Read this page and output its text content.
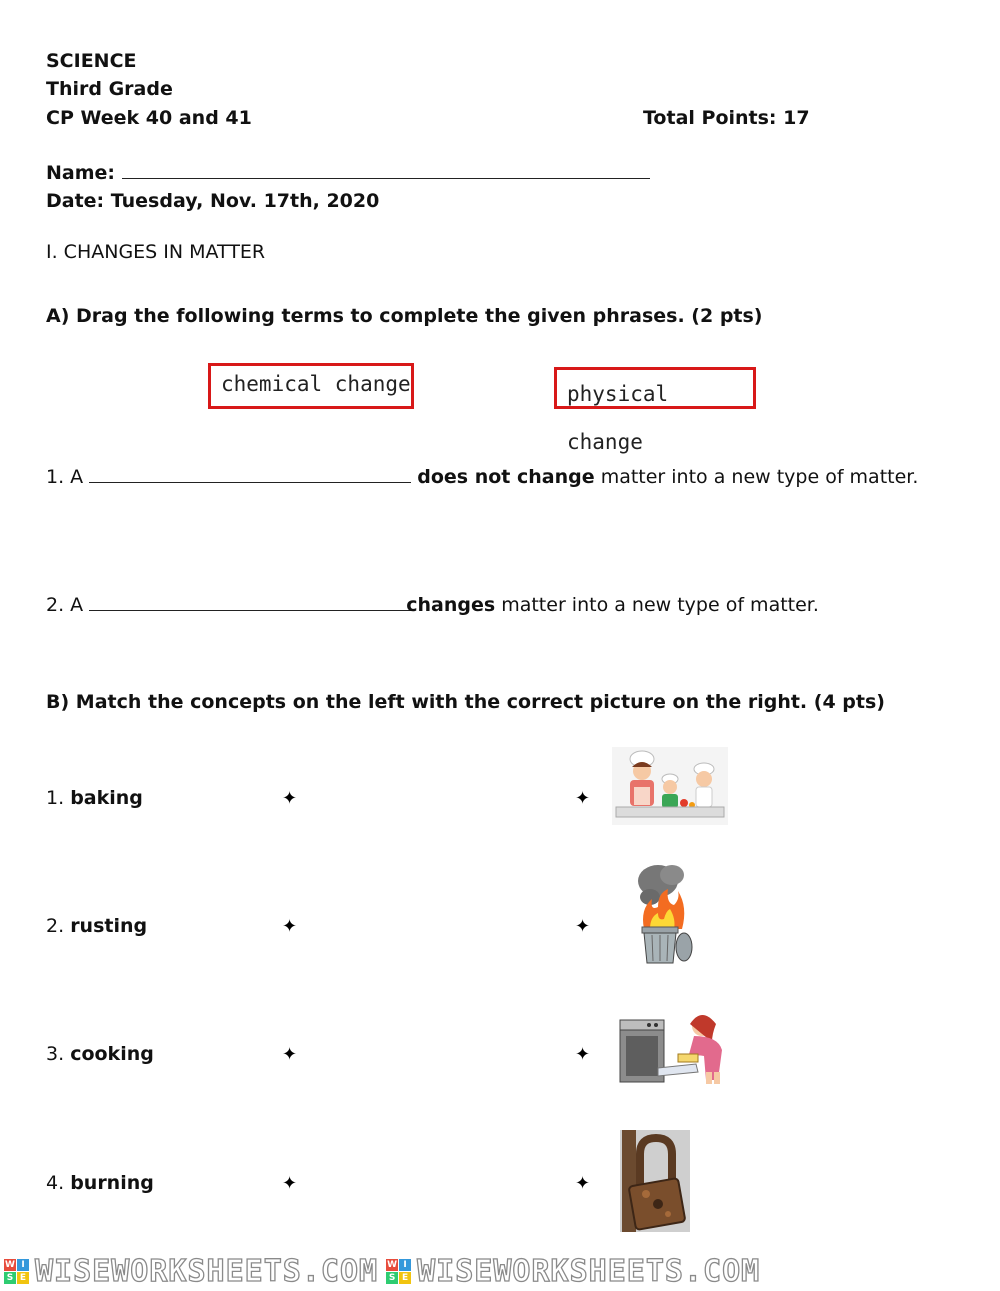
SCIENCE
Third Grade
CP Week 40 and 41	Total Points: 17
Name:
Date: Tuesday, Nov. 17th, 2020
I. CHANGES IN MATTER
A) Drag the following terms to complete the given phrases. (2 pts)
chemical change	physical change
1. A	does not change matter into a new type of matter.
2. A	changes matter into a new type of matter.
B) Match the concepts on the left with the correct picture on the right. (4 pts)
1. baking
2. rusting
3. cooking
4. burning
✦	✦
✦	✦
✦	✦
✦	✦
W I
S E WISEWORKSHEETS.COM W I
S E WISEWORKSHEETS.COM
